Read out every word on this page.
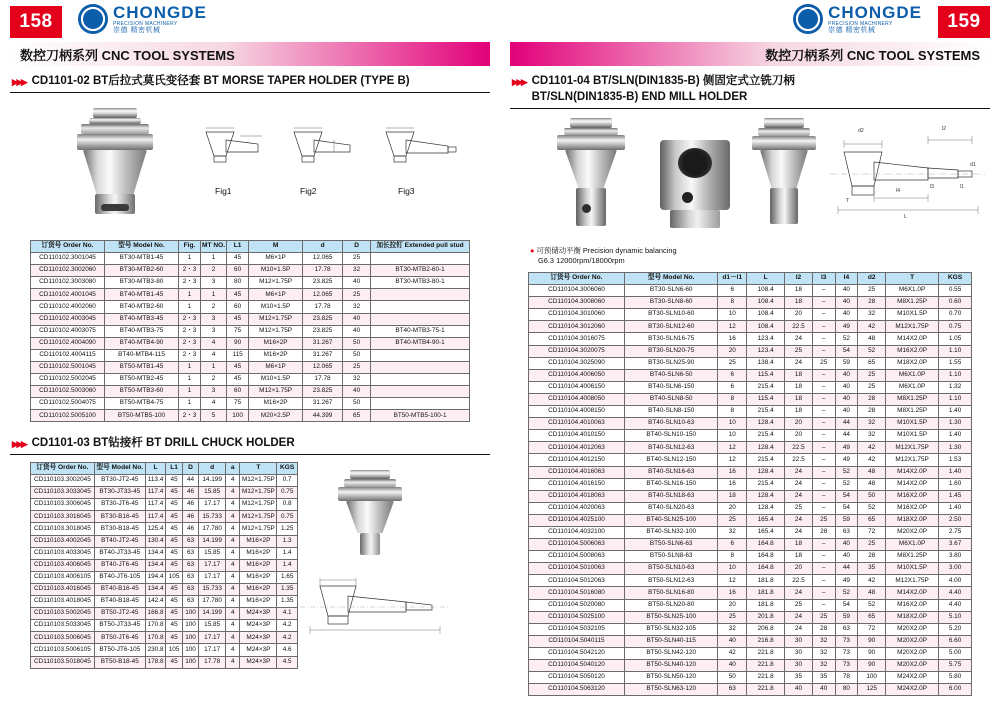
158	CHONGDE
PRECISION MACHINERY
崇德 精密机械
数控刀柄系列 CNC TOOL SYSTEMS
▸▸▸ CD1101-02 BT后拉式莫氏变径套 BT MORSE TAPER HOLDER (TYPE B)
Fig1	Fig2	Fig3
订货号 Order No.	型号 Model No.	Fig.	MT NO.	L1	M	d	D	加长拉钉 Extended pull stud
CD110102.3001045	BT30-MTB1-45	1	1	45	M6×1P	12.065	25	
CD110102.3002060	BT30-MTB2-60	2・3	2	60	M10×1.5P	17.78	32	BT30-MTB2-60-1
CD110102.3003080	BT30-MTB3-80	2・3	3	80	M12×1.75P	23.825	40	BT30-MTB3-80-1
CD110102.4001045	BT40-MTB1-45	1	1	45	M6×1P	12.065	25	
CD110102.4002060	BT40-MTB2-60	1	2	60	M10×1.5P	17.78	32	
CD110102.4003045	BT40-MTB3-45	2・3	3	45	M12×1.75P	23.825	40	
CD110102.4003075	BT40-MTB3-75	2・3	3	75	M12×1.75P	23.825	40	BT40-MTB3-75-1
CD110102.4004090	BT40-MTB4-90	2・3	4	90	M16×2P	31.267	50	BT40-MTB4-90-1
CD110102.4004115	BT40-MTB4-115	2・3	4	115	M16×2P	31.267	50	
CD110102.5001045	BT50-MTB1-45	1	1	45	M6×1P	12.065	25	
CD110102.5002045	BT50-MTB2-45	1	2	45	M10×1.5P	17.78	32	
CD110102.5003060	BT50-MTB3-60	1	3	60	M12×1.75P	23.825	40	
CD110102.5004075	BT50-MTB4-75	1	4	75	M16×2P	31.267	50	
CD110102.5005100	BT50-MTB5-100	2・3	5	100	M20×2.5P	44.399	65	BT50-MTB5-100-1
▸▸▸ CD1101-03 BT钻接杆 BT DRILL CHUCK HOLDER
订货号 Order No.	型号 Model No.	L	L1	D	d	a	T	KGS
CD110103.3002045	BT30-JT2-45	113.4	45	44	14.199	4	M12×1.75P	0.7
CD110103.3033045	BT30-JT33-45	117.4	45	46	15.85	4	M12×1.75P	0.75
CD110103.3006045	BT30-JT6-45	117.4	45	46	17.17	4	M12×1.75P	0.8
CD110103.3016045	BT30-B16-45	117.4	45	46	15.733	4	M12×1.75P	0.75
CD110103.3018045	BT30-B18-45	125.4	45	46	17.780	4	M12×1.75P	1.25
CD110103.4002045	BT40-JT2-45	130.4	45	63	14.199	4	M16×2P	1.3
CD110103.4033045	BT40-JT33-45	134.4	45	63	15.85	4	M16×2P	1.4
CD110103.4006045	BT40-JT6-45	134.4	45	63	17.17	4	M16×2P	1.4
CD110103.4006105	BT40-JT6-105	194.4	105	63	17.17	4	M16×2P	1.65
CD110103.4016045	BT40-B16-45	134.4	45	63	15.733	4	M16×2P	1.35
CD110103.4018045	BT40-B18-45	142.4	45	63	17.780	4	M16×2P	1.35
CD110103.5002045	BT50-JT2-45	166.8	45	100	14.199	4	M24×3P	4.1
CD110103.5033045	BT50-JT33-45	170.8	45	100	15.85	4	M24×3P	4.2
CD110103.5006045	BT50-JT6-45	170.8	45	100	17.17	4	M24×3P	4.2
CD110103.5006105	BT50-JT6-105	230.8	105	100	17.17	4	M24×3P	4.6
CD110103.5018045	BT50-B18-45	178.8	45	100	17.78	4	M24×3P	4.5
159
CHONGDE
PRECISION MACHINERY
崇德 精密机械
数控刀柄系列 CNC TOOL SYSTEMS
▸▸▸ CD1101-04 BT/SLN(DIN1835-B) 侧固定式立铣刀柄
BT/SLN(DIN1835-B) END MILL HOLDER
d2	l2
l4
L
d1
l1
l3
T
● 可预储动平衡 Precision dynamic balancing
G6.3 12000rpm/18000rpm
订货号 Order No.	型号 Model No.	d1－l1	L	l2	l3	l4	d2	T	KGS
CD110104.3006060	BT30-SLN6-60	6	108.4	18	–	40	25	M6X1.0P	0.55
CD110104.3008060	BT30-SLN8-60	8	108.4	18	–	40	28	M8X1.25P	0.60
CD110104.3010060	BT30-SLN10-60	10	108.4	20	–	40	32	M10X1.5P	0.70
CD110104.3012060	BT30-SLN12-60	12	108.4	22.5	–	49	42	M12X1.75P	0.75
CD110104.3016075	BT30-SLN16-75	16	123.4	24	–	52	48	M14X2.0P	1.05
CD110104.3020075	BT30-SLN20-75	20	123.4	25	–	54	52	M16X2.0P	1.10
CD110104.3025090	BT30-SLN25-90	25	138.4	24	25	59	65	M18X2.0P	1.55
CD110104.4006050	BT40-SLN6-50	6	115.4	18	–	40	25	M6X1.0P	1.10
CD110104.4006150	BT40-SLN6-150	6	215.4	18	–	40	25	M6X1.0P	1.32
CD110104.4008050	BT40-SLN8-50	8	115.4	18	–	40	28	M8X1.25P	1.10
CD110104.4008150	BT40-SLN8-150	8	215.4	18	–	40	28	M8X1.25P	1.40
CD110104.4010063	BT40-SLN10-63	10	128.4	20	–	44	32	M10X1.5P	1.30
CD110104.4010150	BT40-SLN10-150	10	215.4	20	–	44	32	M10X1.5P	1.40
CD110104.4012063	BT40-SLN12-63	12	128.4	22.5	–	49	42	M12X1.75P	1.30
CD110104.4012150	BT40-SLN12-150	12	215.4	22.5	–	49	42	M12X1.75P	1.53
CD110104.4016063	BT40-SLN16-63	16	128.4	24	–	52	48	M14X2.0P	1.40
CD110104.4016150	BT40-SLN16-150	16	215.4	24	–	52	48	M14X2.0P	1.60
CD110104.4018063	BT40-SLN18-63	18	128.4	24	–	54	50	M16X2.0P	1.45
CD110104.4020063	BT40-SLN20-63	20	128.4	25	–	54	52	M16X2.0P	1.40
CD110104.4025100	BT40-SLN25-100	25	165.4	24	25	59	65	M18X2.0P	2.50
CD110104.4032100	BT40-SLN32-100	32	165.4	24	28	63	72	M20X2.0P	2.75
CD110104.5006063	BT50-SLN6-63	6	164.8	18	–	40	25	M6X1.0P	3.67
CD110104.5008063	BT50-SLN8-63	8	164.8	18	–	40	28	M8X1.25P	3.80
CD110104.5010063	BT50-SLN10-63	10	164.8	20	–	44	35	M10X1.5P	3.00
CD110104.5012063	BT50-SLN12-63	12	181.8	22.5	–	49	42	M12X1.75P	4.00
CD110104.5016080	BT50-SLN16-80	16	181.8	24	–	52	48	M14X2.0P	4.40
CD110104.5020080	BT50-SLN20-80	20	181.8	25	–	54	52	M16X2.0P	4.40
CD110104.5025100	BT50-SLN25-100	25	201.8	24	25	59	65	M18X2.0P	5.10
CD110104.5032105	BT50-SLN32-105	32	206.8	24	28	63	72	M20X2.0P	5.20
CD110104.5040115	BT50-SLN40-115	40	216.8	30	32	73	90	M20X2.0P	6.60
CD110104.5042120	BT50-SLN42-120	42	221.8	30	32	73	90	M20X2.0P	5.00
CD110104.5040120	BT50-SLN40-120	40	221.8	30	32	73	90	M20X2.0P	5.75
CD110104.5050120	BT50-SLN50-120	50	221.8	35	35	78	100	M24X2.0P	5.80
CD110104.5063120	BT50-SLN63-120	63	221.8	40	40	80	125	M24X2.0P	6.00
